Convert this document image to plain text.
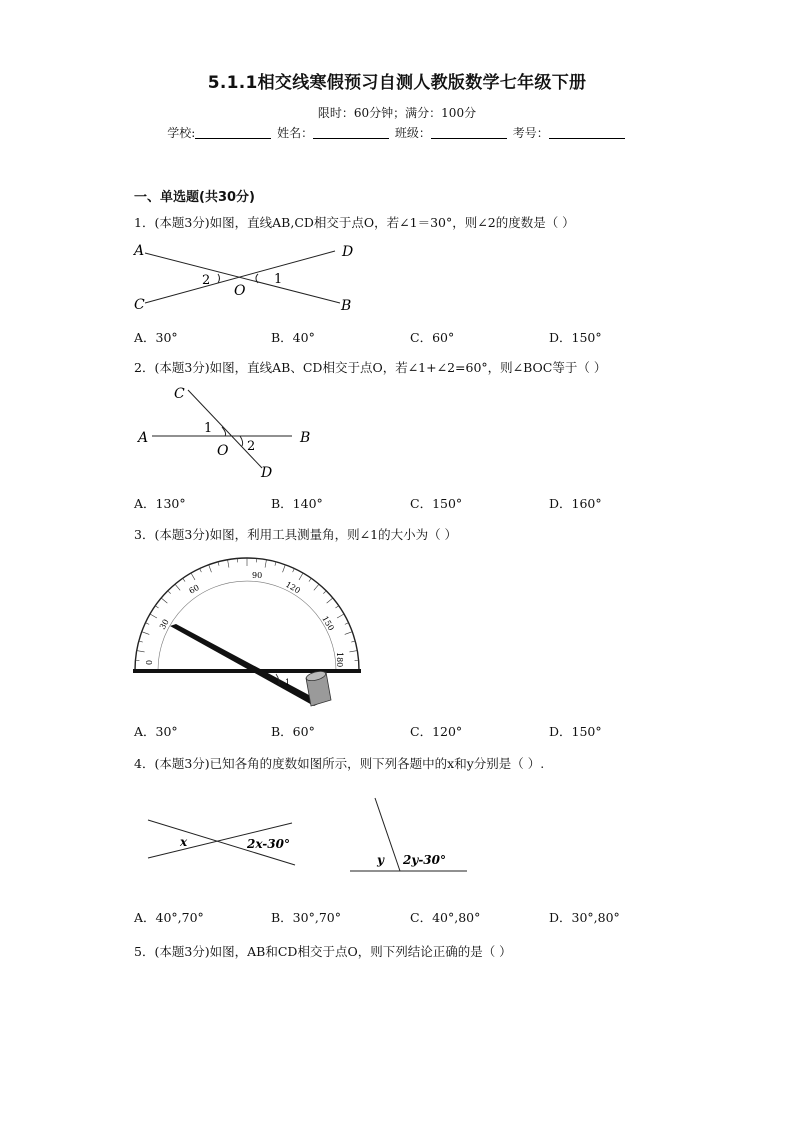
5.1.1相交线寒假预习自测人教版数学七年级下册
限时：60分钟；满分：100分
学校:	姓名：	班级：	考号：
一、单选题(共30分)
1．(本题3分)如图，直线AB,CD相交于点O，若∠1＝30°，则∠2的度数是（ ）
A	D
C	B
O
2	1
A．30°	B．40°	C．60°	D．150°
2．(本题3分)如图，直线AB、CD相交于点O，若∠1+∠2=60°，则∠BOC等于（ ）
C
A	B
D
O
1
2
A．130°	B．140°	C．150°	D．160°
3．(本题3分)如图，利用工具测量角，则∠1的大小为（ ）
90
60
30
0
120
150
180
1
A．30°	B．60°	C．120°	D．150°
4．(本题3分)已知各角的度数如图所示，则下列各题中的x和y分别是（ ）.
x	2x-30°
y 2y-30°
A．40°,70°	B．30°,70°	C．40°,80°	D．30°,80°
5．(本题3分)如图，AB和CD相交于点O，则下列结论正确的是（ ）
